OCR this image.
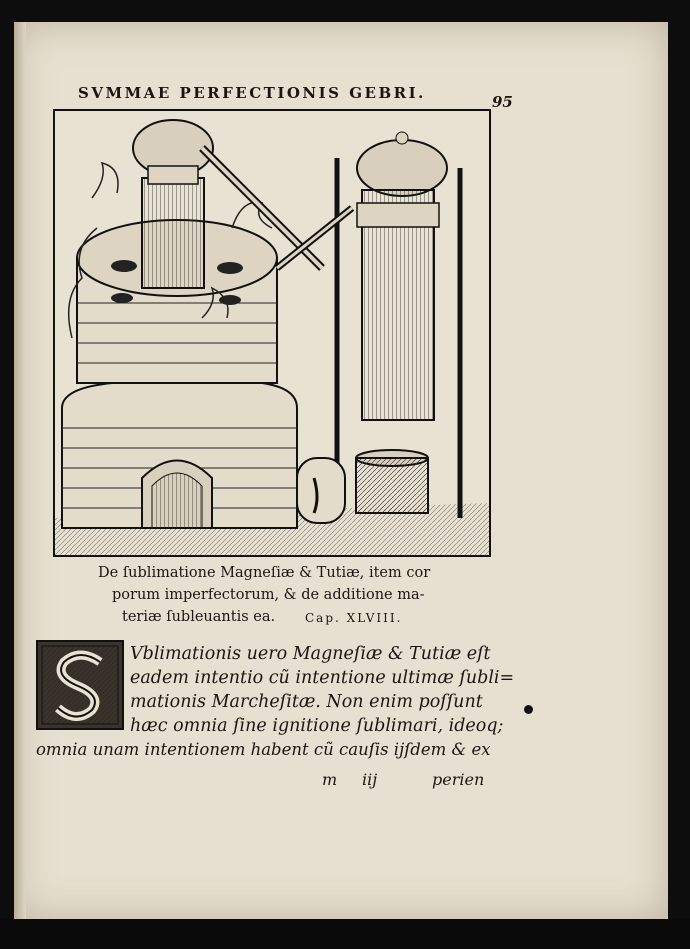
SVMMAE PERFECTIONIS GEBRI.	95
De ſublimatione Magneſiæ & Tutiæ, item cor
porum imperfectorum, & de additione ma-
teriæ ſubleuantis ea. Cap. XLVIII.
Vblimationis uero Magneſiæ & Tutiæ eſt
eadem intentio cũ intentione ultimæ ſubli=
mationis Marcheſitæ. Non enim poſſunt
hæc omnia ſine ignitione ſublimari, ideoq;
omnia unam intentionem habent cũ cauſis ijſdem & ex
m iij	perien
